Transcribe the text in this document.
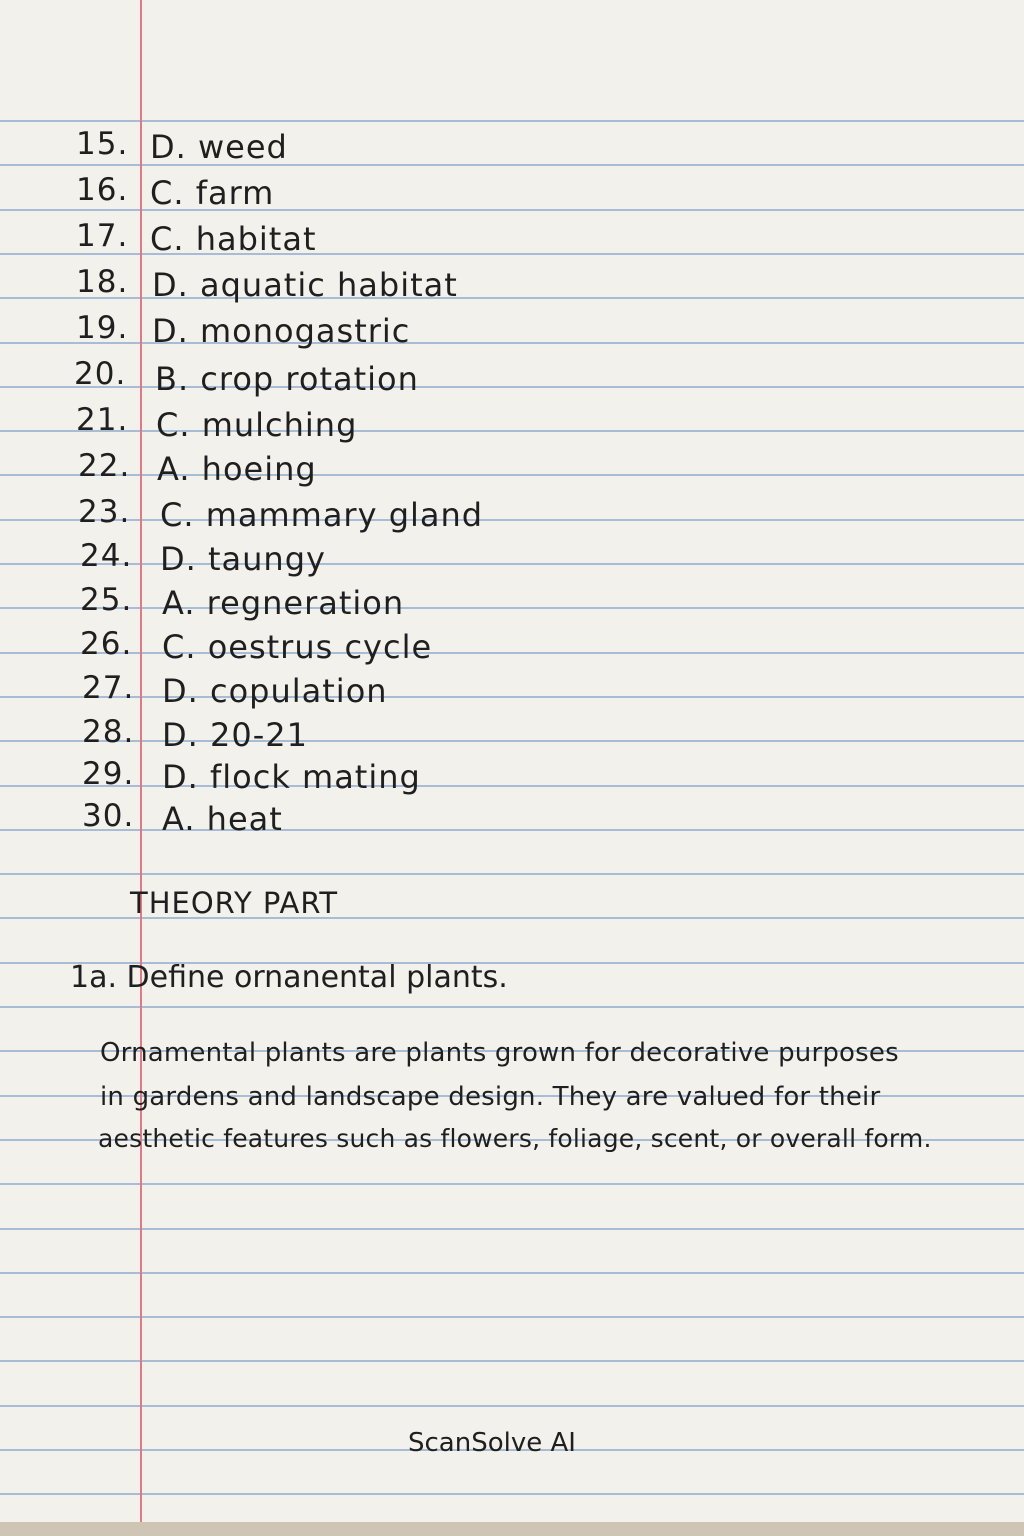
15. D. weed
16. C. farm
17. C. habitat
18. D. aquatic habitat
19. D. monogastric
20. B. crop rotation
21. C. mulching
22. A. hoeing
23. C. mammary gland
24. D. taungy
25. A. regneration
26. C. oestrus cycle
27. D. copulation
28. D. 20-21
29. D. flock mating
30. A. heat
THEORY PART
1a. Define ornanental plants.
Ornamental plants are plants grown for decorative purposes
in gardens and landscape design. They are valued for their
aesthetic features such as flowers, foliage, scent, or overall form.
ScanSolve AI
